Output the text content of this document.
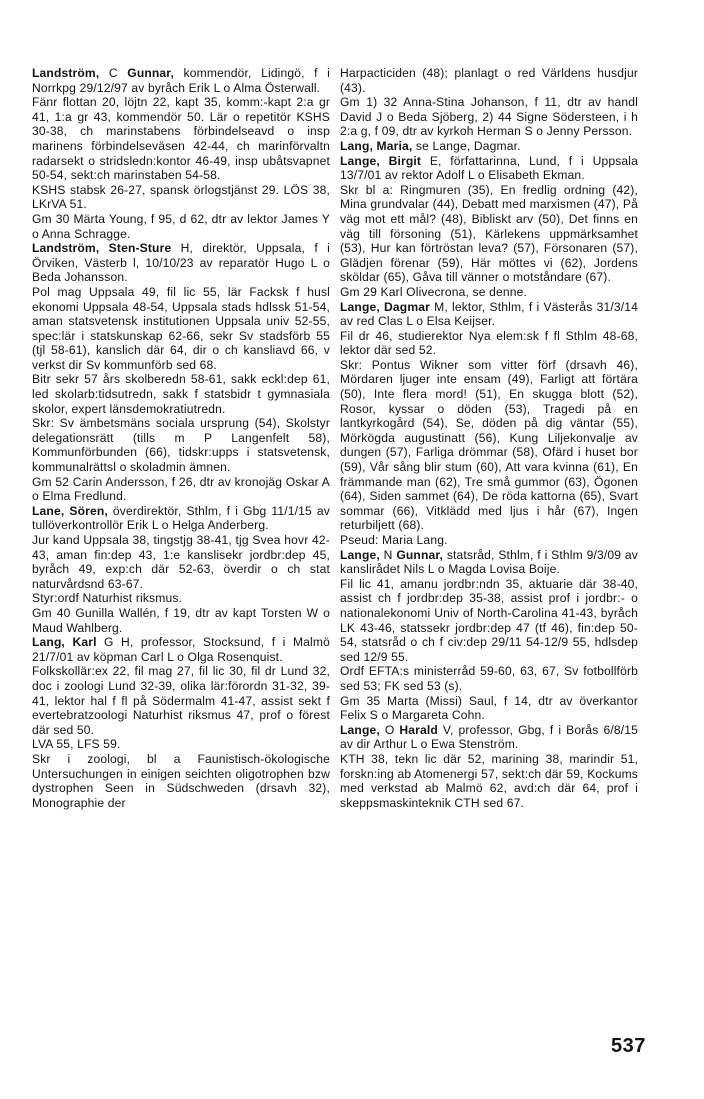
Landström, C Gunnar, kommendör, Lidingö, f i Norrkpg 29/12/97 av byråch Erik L o Alma Österwall.

Fänr flottan 20, löjtn 22, kapt 35, komm:-kapt 2:a gr 41, 1:a gr 43, kommendör 50. Lär o repetitör KSHS 30-38, ch marinstabens förbindelseavd o insp marinens förbindelseväsen 42-44, ch marinförvaltn radarsekt o stridsledn:kontor 46-49, insp ubåtsvapnet 50-54, sekt:ch marinstaben 54-58.

KSHS stabsk 26-27, spansk örlogstjänst 29. LÖS 38, LKrVA 51.

Gm 30 Märta Young, f 95, d 62, dtr av lektor James Y o Anna Schragge.

Landström, Sten-Sture H, direktör, Uppsala, f i Örviken, Västerb l, 10/10/23 av reparatör Hugo L o Beda Johansson.

Pol mag Uppsala 49, fil lic 55, lär Facksk f husl ekonomi Uppsala 48-54, Uppsala stads hdlssk 51-54, aman statsvetensk institutionen Uppsala univ 52-55, spec:lär i statskunskap 62-66, sekr Sv stadsförb 55 (tjl 58-61), kanslich där 64, dir o ch kansliavd 66, v verkst dir Sv kommunförb sed 68.

Bitr sekr 57 års skolberedn 58-61, sakk eckl:dep 61, led skolarb:tidsutredn, sakk f statsbidr t gymnasiala skolor, expert länsdemokratiutredn.

Skr: Sv ämbetsmäns sociala ursprung (54), Skolstyr delegationsrätt (tills m P Langenfelt 58), Kommunförbunden (66), tidskr:upps i statsvetensk, kommunalrättsl o skoladmin ämnen.

Gm 52 Carin Andersson, f 26, dtr av kronojäg Oskar A o Elma Fredlund.

Lane, Sören, överdirektör, Sthlm, f i Gbg 11/1/15 av tullöverkontrollör Erik L o Helga Anderberg.

Jur kand Uppsala 38, tingstjg 38-41, tjg Svea hovr 42-43, aman fin:dep 43, 1:e kanslisekr jordbr:dep 45, byråch 49, exp:ch där 52-63, överdir o ch stat naturvårdsnd 63-67.

Styr:ordf Naturhist riksmus.

Gm 40 Gunilla Wallén, f 19, dtr av kapt Torsten W o Maud Wahlberg.

Lang, Karl G H, professor, Stocksund, f i Malmö 21/7/01 av köpman Carl L o Olga Rosenquist.

Folkskollär:ex 22, fil mag 27, fil lic 30, fil dr Lund 32, doc i zoologi Lund 32-39, olika lär:förordn 31-32, 39-41, lektor hal f fl på Södermalm 41-47, assist sekt f evertebratzoologi Naturhist riksmus 47, prof o förest där sed 50.

LVA 55, LFS 59.

Skr i zoologi, bl a Faunistisch-ökologische Untersuchungen in einigen seichten oligotrophen bzw dystrophen Seen in Südschweden (drsavh 32), Monographie der

Harpacticiden (48); planlagt o red Världens husdjur (43).

Gm 1) 32 Anna-Stina Johanson, f 11, dtr av handl David J o Beda Sjöberg, 2) 44 Signe Södersteen, i h 2:a g, f 09, dtr av kyrkoh Herman S o Jenny Persson.

Lang, Maria, se Lange, Dagmar.

Lange, Birgit E, författarinna, Lund, f i Uppsala 13/7/01 av rektor Adolf L o Elisabeth Ekman.

Skr bl a: Ringmuren (35), En fredlig ordning (42), Mina grundvalar (44), Debatt med marxismen (47), På väg mot ett mål? (48), Bibliskt arv (50), Det finns en väg till försoning (51), Kärlekens uppmärksamhet (53), Hur kan förtröstan leva? (57), Försonaren (57), Glädjen förenar (59), Här möttes vi (62), Jordens sköldar (65), Gåva till vänner o motståndare (67).

Gm 29 Karl Olivecrona, se denne.

Lange, Dagmar M, lektor, Sthlm, f i Västerås 31/3/14 av red Clas L o Elsa Keijser.

Fil dr 46, studierektor Nya elem:sk f fl Sthlm 48-68, lektor där sed 52.

Skr: Pontus Wikner som vitter förf (drsavh 46), Mördaren ljuger inte ensam (49), Farligt att förtära (50), Inte flera mord! (51), En skugga blott (52), Rosor, kyssar o döden (53), Tragedi på en lantkyrkogård (54), Se, döden på dig väntar (55), Mörkögda augustinatt (56), Kung Liljekonvalje av dungen (57), Farliga drömmar (58), Ofärd i huset bor (59), Vår sång blir stum (60), Att vara kvinna (61), En främmande man (62), Tre små gummor (63), Ögonen (64), Siden sammet (64), De röda kattorna (65), Svart sommar (66), Vitklädd med ljus i hår (67), Ingen returbiljett (68).

Pseud: Maria Lang.

Lange, N Gunnar, statsråd, Sthlm, f i Sthlm 9/3/09 av kanslirådet Nils L o Magda Lovisa Boije.

Fil lic 41, amanu jordbr:ndn 35, aktuarie där 38-40, assist ch f jordbr:dep 35-38, assist prof i jordbr:- o nationalekonomi Univ of North-Carolina 41-43, byråch LK 43-46, statssekr jordbr:dep 47 (tf 46), fin:dep 50-54, statsråd o ch f civ:dep 29/11 54-12/9 55, hdlsdep sed 12/9 55.

Ordf EFTA:s ministerråd 59-60, 63, 67, Sv fotbollförb sed 53; FK sed 53 (s).

Gm 35 Marta (Missi) Saul, f 14, dtr av överkantor Felix S o Margareta Cohn.

Lange, O Harald V, professor, Gbg, f i Borås 6/8/15 av dir Arthur L o Ewa Stenström.

KTH 38, tekn lic där 52, marining 38, marindir 51, forskn:ing ab Atomenergi 57, sekt:ch där 59, Kockums med verkstad ab Malmö 62, avd:ch där 64, prof i skeppsmaskinteknik CTH sed 67.

537
